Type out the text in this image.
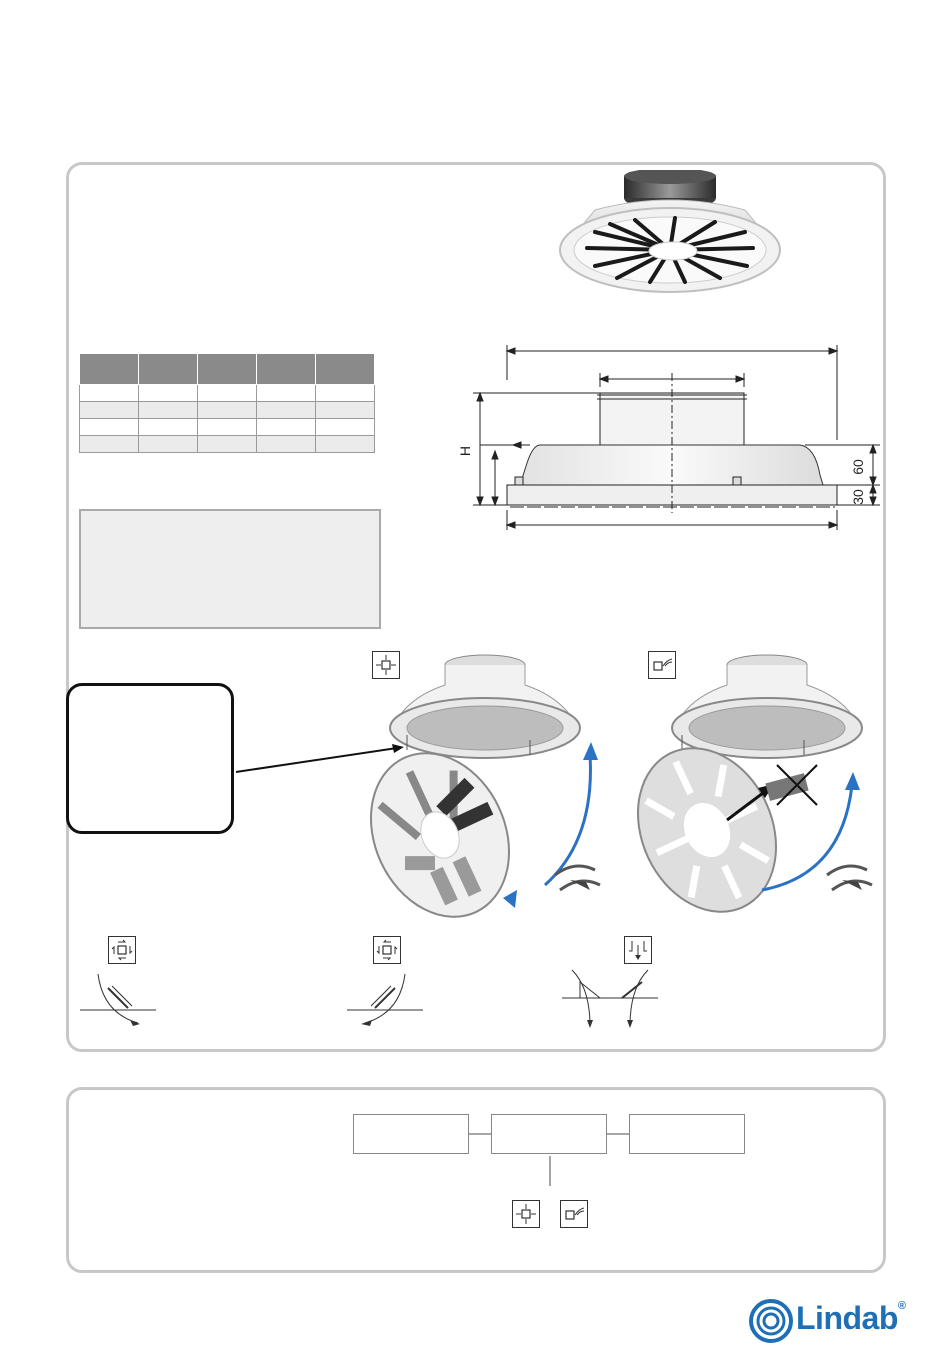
H
60
30
Lindab®
